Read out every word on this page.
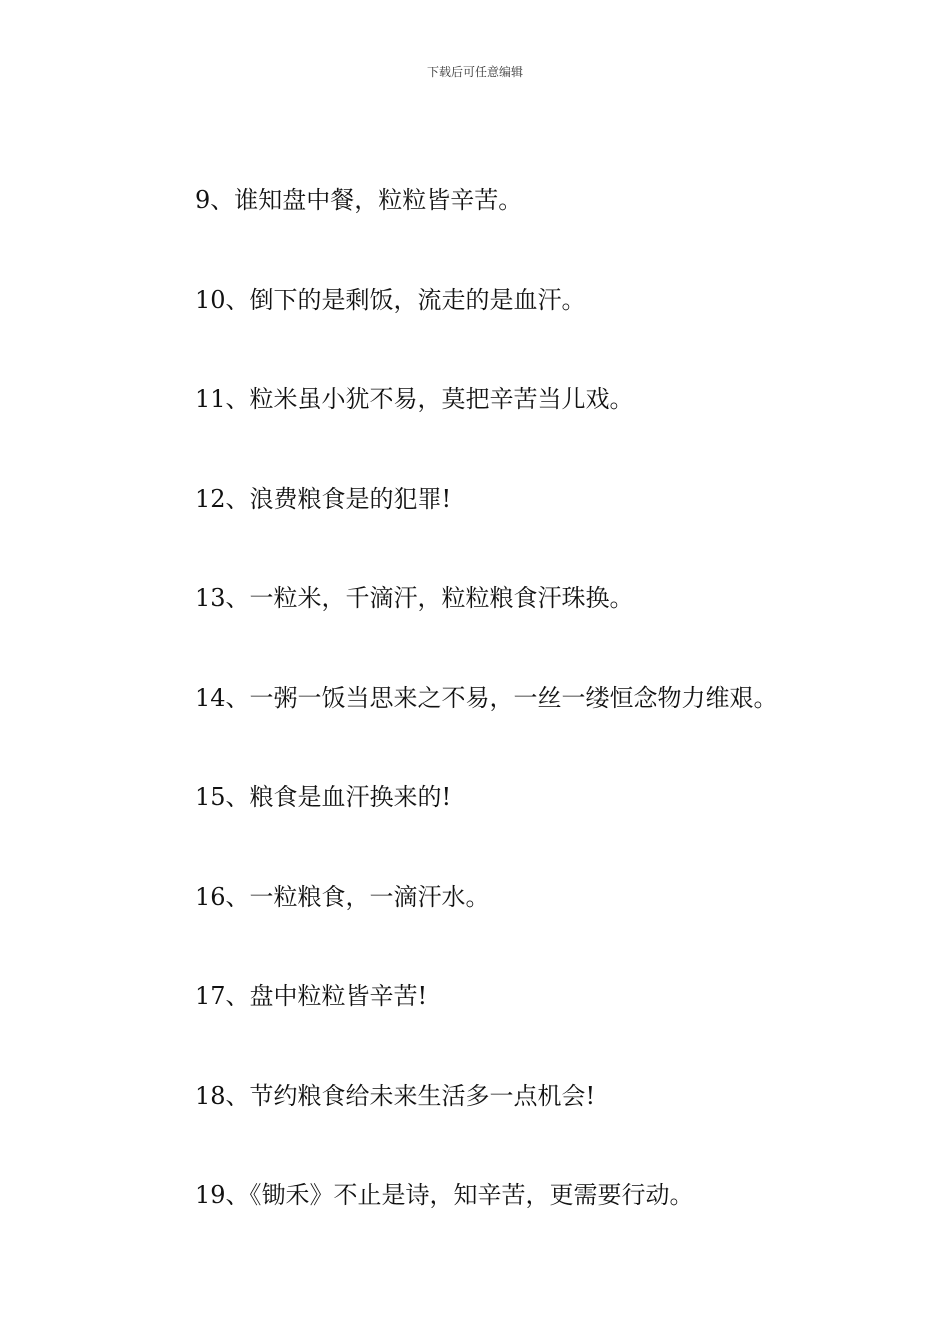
下载后可任意编辑
9、谁知盘中餐，粒粒皆辛苦。
10、倒下的是剩饭，流走的是血汗。
11、粒米虽小犹不易，莫把辛苦当儿戏。
12、浪费粮食是的犯罪!
13、一粒米，千滴汗，粒粒粮食汗珠换。
14、一粥一饭当思来之不易，一丝一缕恒念物力维艰。
15、粮食是血汗换来的!
16、一粒粮食，一滴汗水。
17、盘中粒粒皆辛苦!
18、节约粮食给未来生活多一点机会!
19、《锄禾》不止是诗，知辛苦，更需要行动。
